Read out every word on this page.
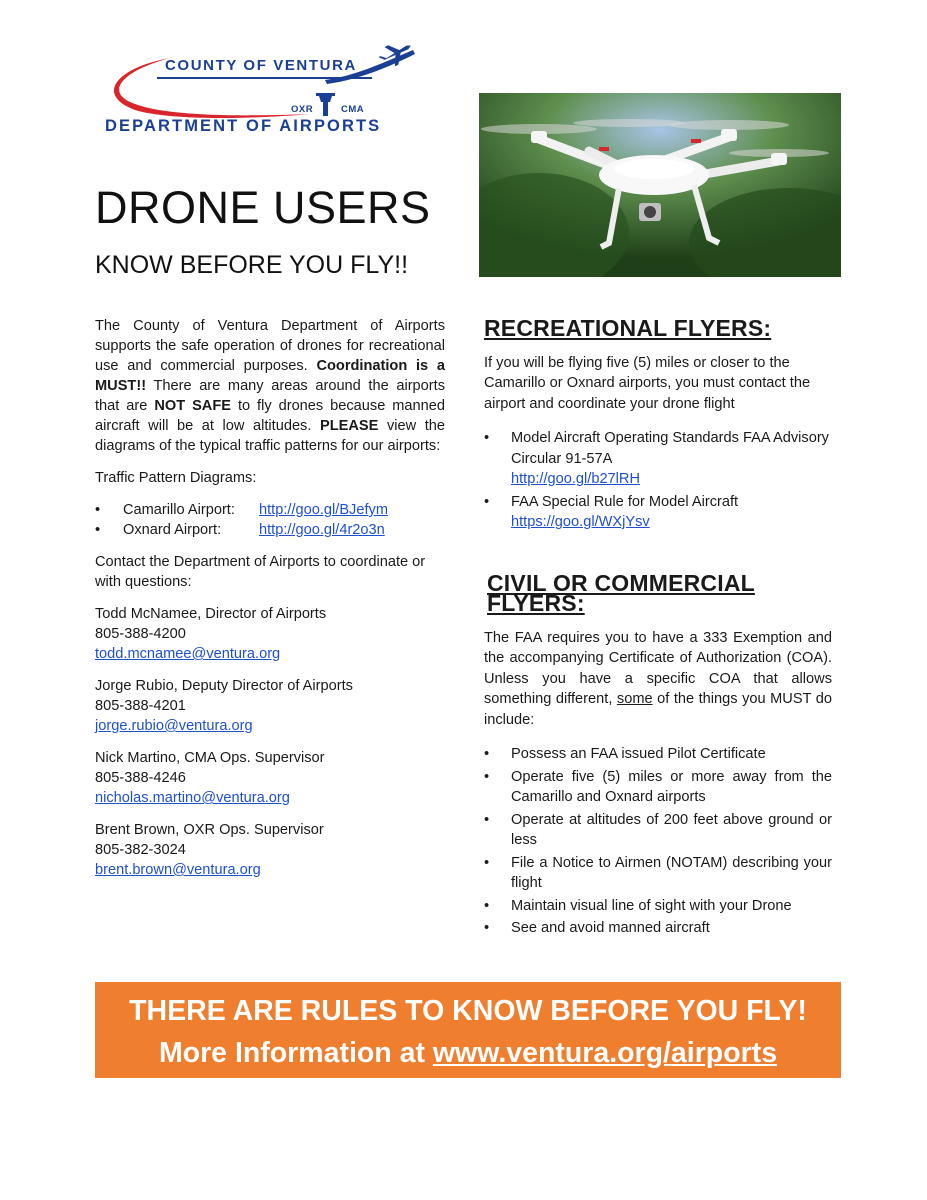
COUNTY OF VENTURA
OXR	CMA
DEPARTMENT OF AIRPORTS
DRONE USERS
KNOW BEFORE YOU FLY!!

The County of Ventura Department of Airports supports the safe operation of drones for recreational use and commercial purposes. Coordination is a MUST!! There are many areas around the airports that are NOT SAFE to fly drones because manned aircraft will be at low altitudes. PLEASE view the diagrams of the typical traffic patterns for our airports:

Traffic Pattern Diagrams:

•	Camarillo Airport:	http://goo.gl/BJefym
•	Oxnard Airport:	http://goo.gl/4r2o3n

Contact the Department of Airports to coordinate or with questions:

Todd McNamee, Director of Airports
805-388-4200
todd.mcnamee@ventura.org
Jorge Rubio, Deputy Director of Airports
805-388-4201
jorge.rubio@ventura.org
Nick Martino, CMA Ops. Supervisor
805-388-4246
nicholas.martino@ventura.org
Brent Brown, OXR Ops. Supervisor
805-382-3024
brent.brown@ventura.org
RECREATIONAL FLYERS:

If you will be flying five (5) miles or closer to the Camarillo or Oxnard airports, you must contact the airport and coordinate your drone flight

•	Model Aircraft Operating Standards FAA Advisory Circular 91-57A
http://goo.gl/b27lRH
•	FAA Special Rule for Model Aircraft
https://goo.gl/WXjYsv
CIVIL OR COMMERCIAL FLYERS:

The FAA requires you to have a 333 Exemption and the accompanying Certificate of Authorization (COA). Unless you have a specific COA that allows something different, some of the things you MUST do include:

•	Possess an FAA issued Pilot Certificate
•	Operate five (5) miles or more away from the Camarillo and Oxnard airports
•	Operate at altitudes of 200 feet above ground or less
•	File a Notice to Airmen (NOTAM) describing your flight
•	Maintain visual line of sight with your Drone
•	See and avoid manned aircraft
THERE ARE RULES TO KNOW BEFORE YOU FLY!
More Information at www.ventura.org/airports
